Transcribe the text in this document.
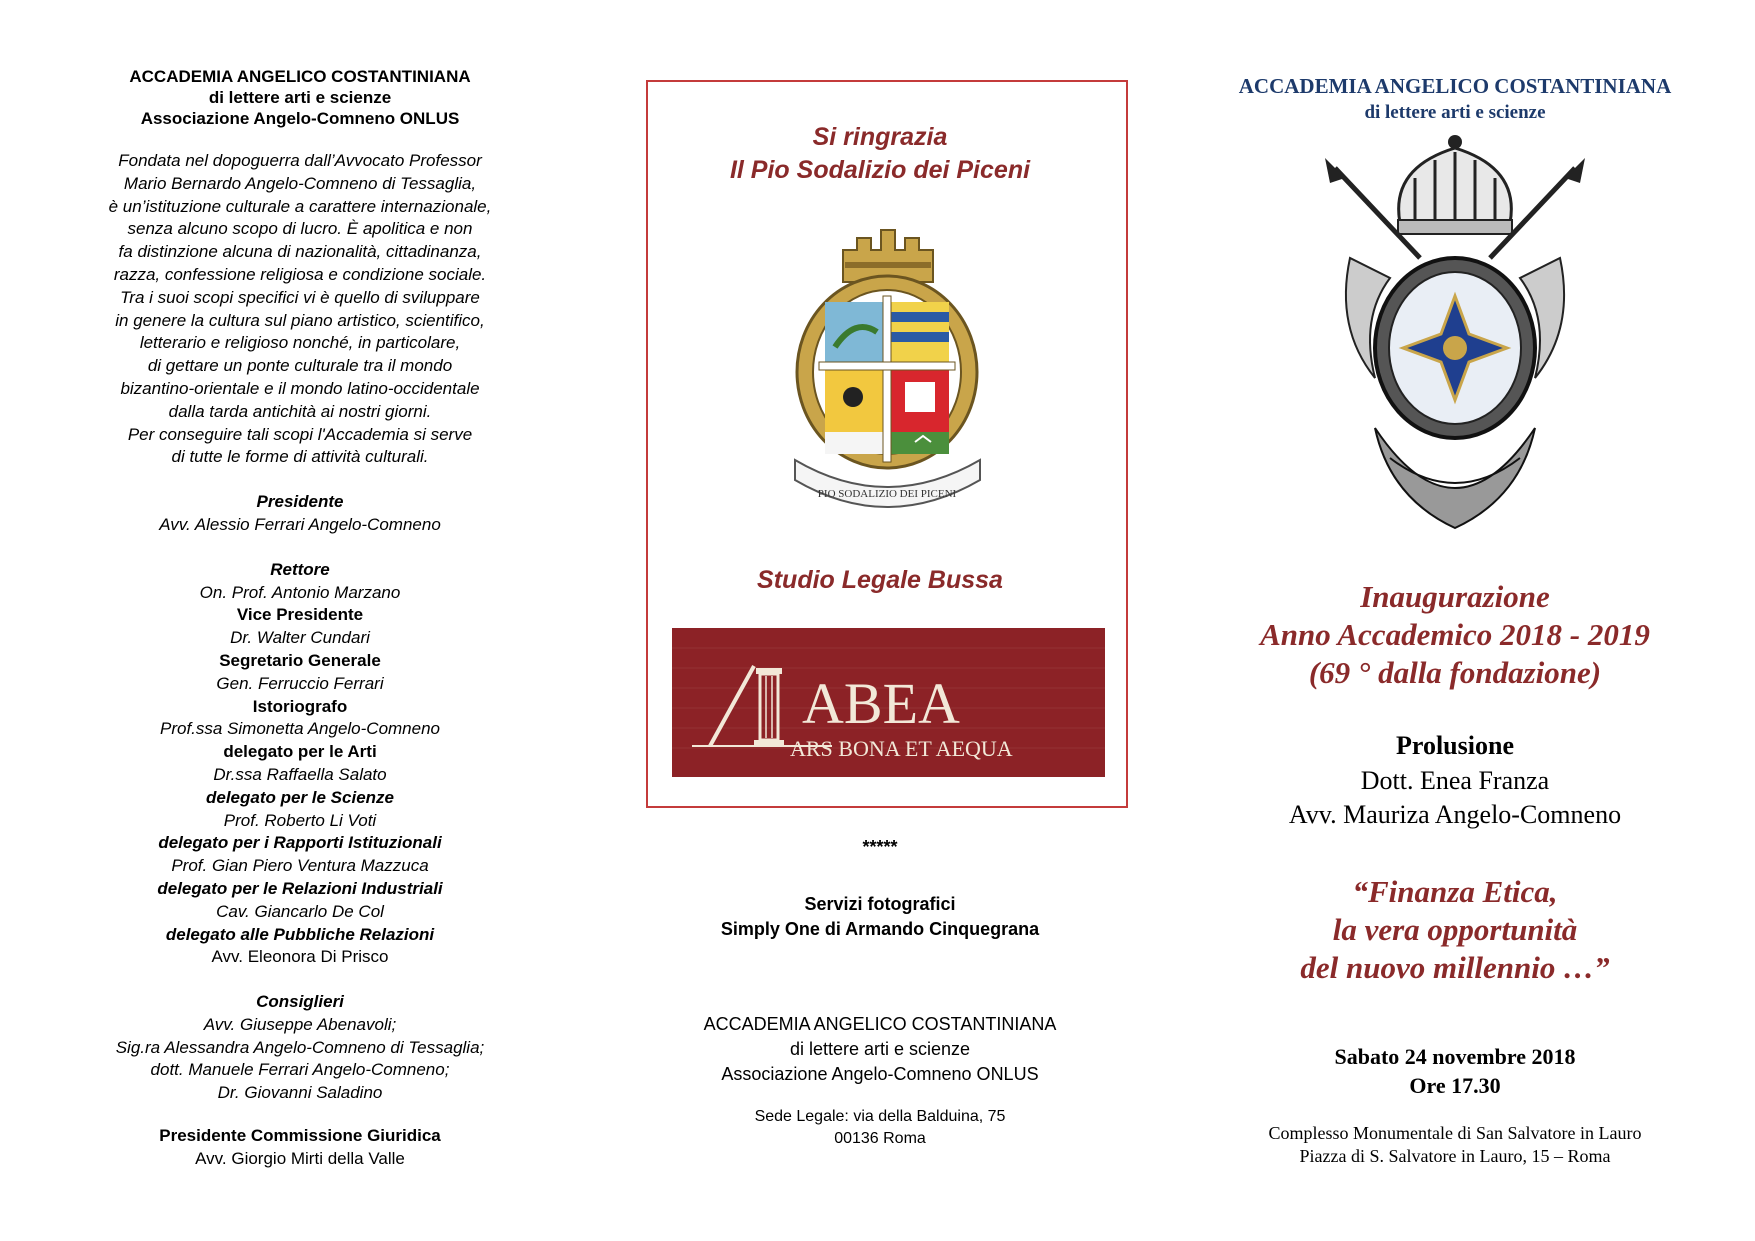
ACCADEMIA ANGELICO COSTANTINIANA
di lettere arti e scienze
Associazione Angelo-Comneno ONLUS
Fondata nel dopoguerra dall’Avvocato Professor
Mario Bernardo Angelo-Comneno di Tessaglia,
è un’istituzione culturale a carattere internazionale,
senza alcuno scopo di lucro. È apolitica e non
fa distinzione alcuna di nazionalità, cittadinanza,
razza, confessione religiosa e condizione sociale.
Tra i suoi scopi specifici vi è quello di sviluppare
in genere la cultura sul piano artistico, scientifico,
letterario e religioso nonché, in particolare,
di gettare un ponte culturale tra il mondo
bizantino-orientale e il mondo latino-occidentale
dalla tarda antichità ai nostri giorni.
Per conseguire tali scopi l'Accademia si serve
di tutte le forme di attività culturali.
Presidente
Avv. Alessio Ferrari Angelo-Comneno
Rettore
On. Prof. Antonio Marzano
Vice Presidente
Dr. Walter Cundari
Segretario Generale
Gen. Ferruccio Ferrari
Istoriografo
Prof.ssa Simonetta Angelo-Comneno
delegato per le Arti
Dr.ssa Raffaella Salato
delegato per le Scienze
Prof. Roberto Li Voti
delegato per i Rapporti Istituzionali
Prof. Gian Piero Ventura Mazzuca
delegato per le Relazioni Industriali
Cav. Giancarlo De Col
delegato alle Pubbliche Relazioni
Avv. Eleonora Di Prisco
Consiglieri
Avv. Giuseppe Abenavoli;
Sig.ra Alessandra Angelo-Comneno di Tessaglia;
dott. Manuele Ferrari Angelo-Comneno;
Dr. Giovanni Saladino
Presidente Commissione Giuridica
Avv. Giorgio Mirti della Valle
Si ringrazia
Il Pio Sodalizio dei Piceni
PIO SODALIZIO DEI PICENI
Studio Legale Bussa
ABEA
ARS BONA ET AEQUA
*****
Servizi fotografici
Simply One di Armando Cinquegrana
ACCADEMIA ANGELICO COSTANTINIANA
di lettere arti e scienze
Associazione Angelo-Comneno ONLUS
Sede Legale: via della Balduina, 75
00136 Roma
ACCADEMIA ANGELICO COSTANTINIANA
di lettere arti e scienze
Inaugurazione
Anno Accademico 2018 - 2019
(69 ° dalla fondazione)
Prolusione
Dott. Enea Franza
Avv. Mauriza Angelo-Comneno
“Finanza Etica,
la vera opportunità
del nuovo millennio …”
Sabato 24 novembre 2018
Ore 17.30
Complesso Monumentale di San Salvatore in Lauro
Piazza di S. Salvatore in Lauro, 15 – Roma
